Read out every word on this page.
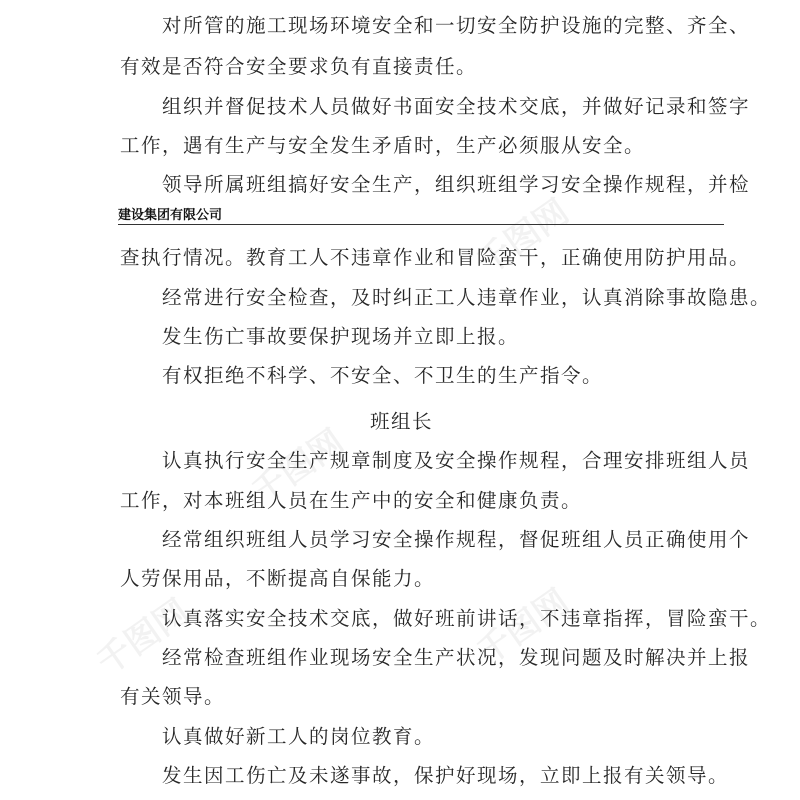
千图网
千图网
千图网
千图网

对所管的施工现场环境安全和一切安全防护设施的完整、齐全、

有效是否符合安全要求负有直接责任。

组织并督促技术人员做好书面安全技术交底，并做好记录和签字

工作，遇有生产与安全发生矛盾时，生产必须服从安全。

领导所属班组搞好安全生产，组织班组学习安全操作规程，并检

建设集团有限公司

查执行情况。教育工人不违章作业和冒险蛮干，正确使用防护用品。

经常进行安全检查，及时纠正工人违章作业，认真消除事故隐患。

发生伤亡事故要保护现场并立即上报。

有权拒绝不科学、不安全、不卫生的生产指令。

班组长

认真执行安全生产规章制度及安全操作规程，合理安排班组人员

工作，对本班组人员在生产中的安全和健康负责。

经常组织班组人员学习安全操作规程，督促班组人员正确使用个

人劳保用品，不断提高自保能力。

认真落实安全技术交底，做好班前讲话，不违章指挥，冒险蛮干。

经常检查班组作业现场安全生产状况，发现问题及时解决并上报

有关领导。

认真做好新工人的岗位教育。

发生因工伤亡及未遂事故，保护好现场，立即上报有关领导。
